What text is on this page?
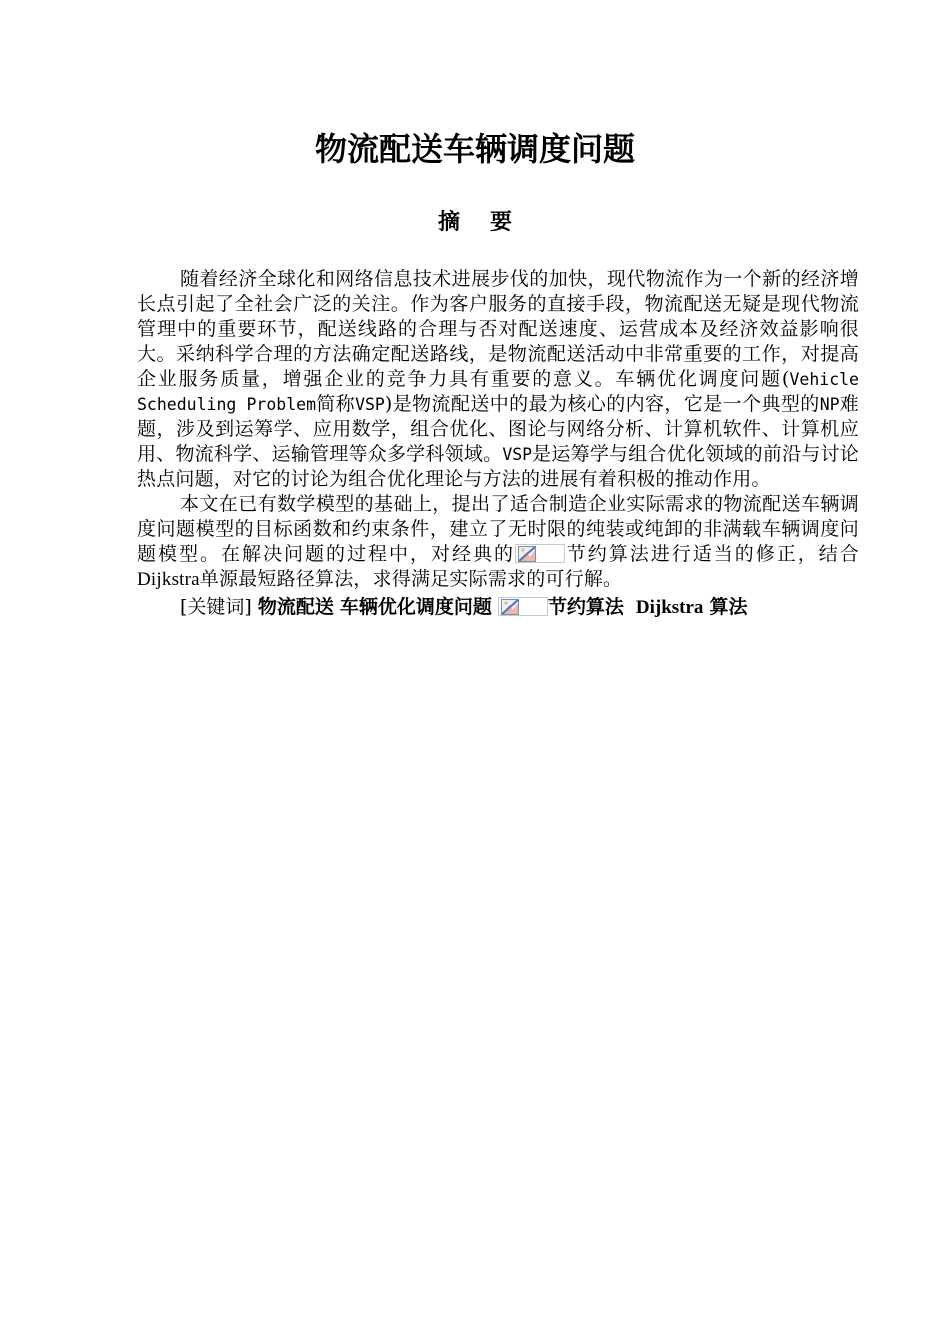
物流配送车辆调度问题
摘要

随着经济全球化和网络信息技术进展步伐的加快，现代物流作为一个新的经济增长点引起了全社会广泛的关注。作为客户服务的直接手段，物流配送无疑是现代物流管理中的重要环节，配送线路的合理与否对配送速度、运营成本及经济效益影响很大。采纳科学合理的方法确定配送路线，是物流配送活动中非常重要的工作，对提高企业服务质量，增强企业的竞争力具有重要的意义。车辆优化调度问题(Vehicle Scheduling Problem简称VSP)是物流配送中的最为核心的内容，它是一个典型的NP难题，涉及到运筹学、应用数学，组合优化、图论与网络分析、计算机软件、计算机应用、物流科学、运输管理等众多学科领域。VSP是运筹学与组合优化领域的前沿与讨论热点问题，对它的讨论为组合优化理论与方法的进展有着积极的推动作用。

本文在已有数学模型的基础上，提出了适合制造企业实际需求的物流配送车辆调度问题模型的目标函数和约束条件，建立了无时限的纯装或纯卸的非满载车辆调度问题模型。在解决问题的过程中，对经典的	节约算法进行适当的修正，结合Dijkstra单源最短路径算法，求得满足实际需求的可行解。

[关键词] 物流配送 车辆优化调度问题	节约算法 Dijkstra 算法
